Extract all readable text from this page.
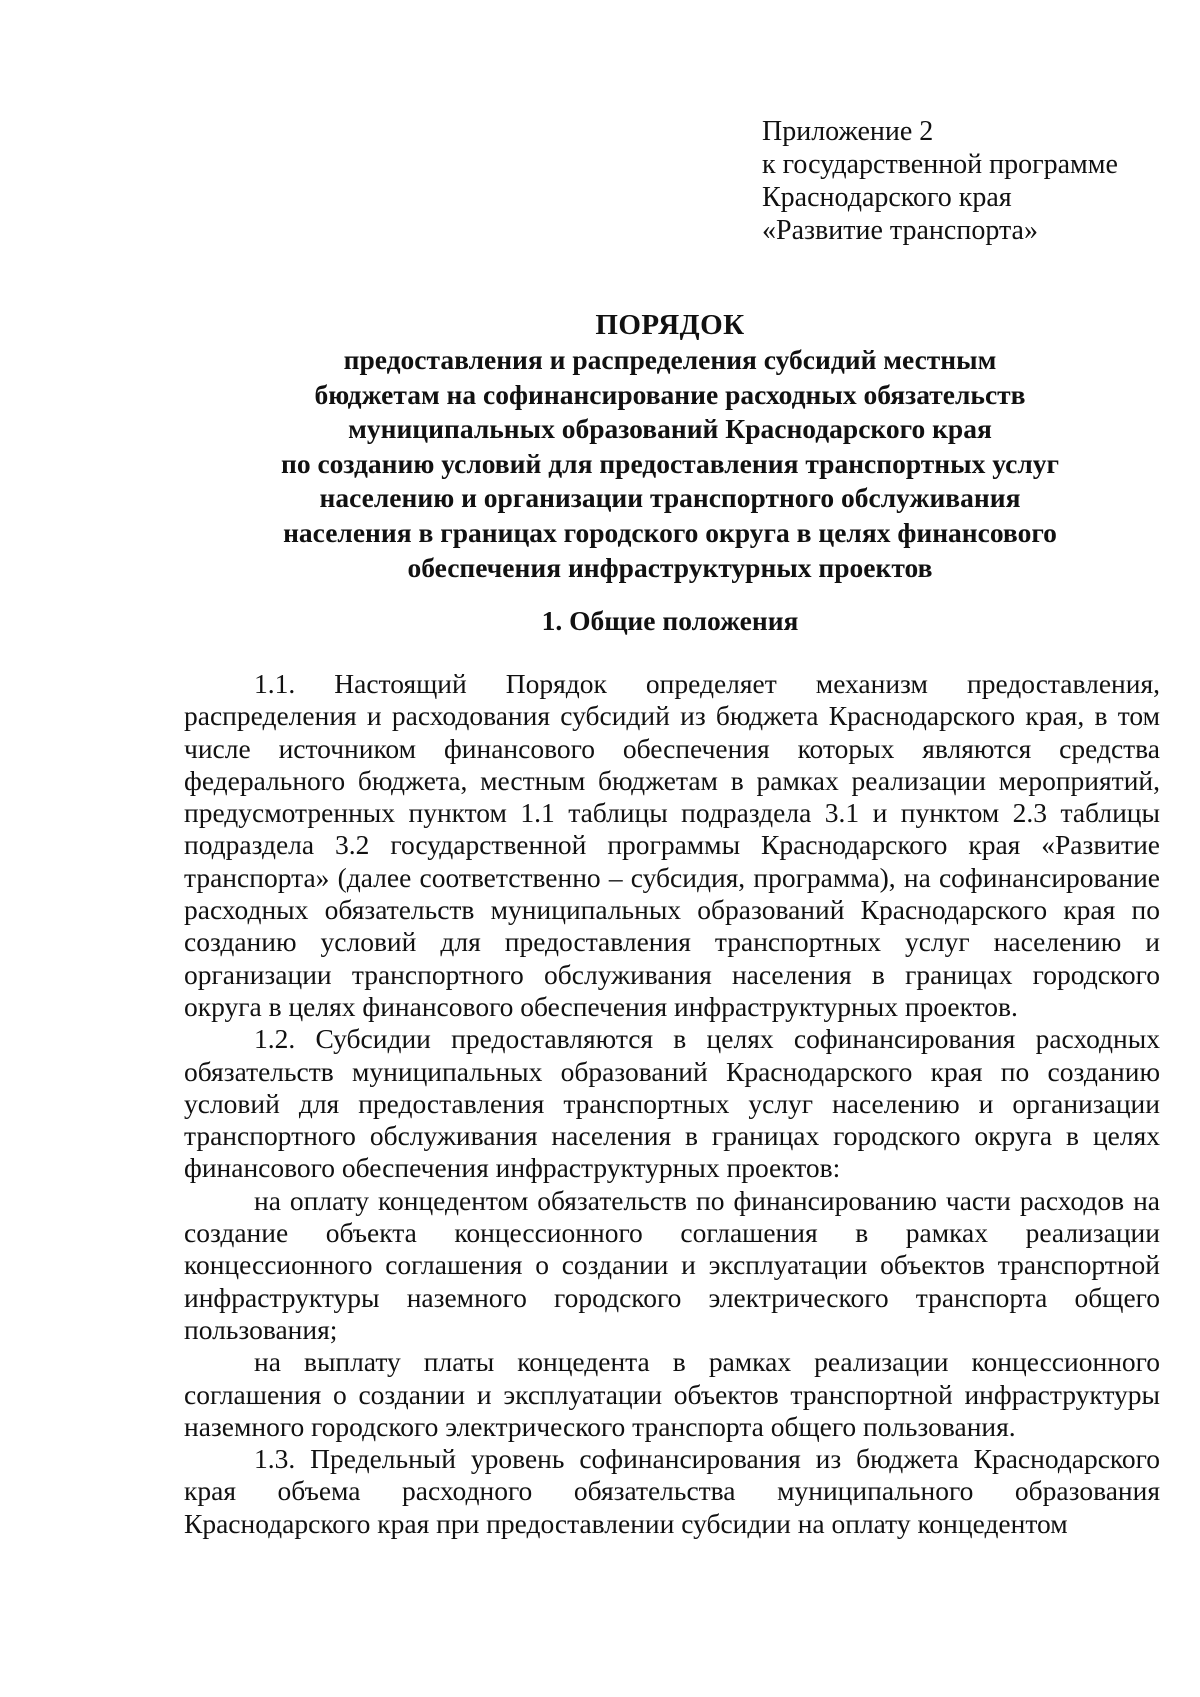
Приложение 2
к государственной программе
Краснодарского края
«Развитие транспорта»
ПОРЯДОК
предоставления и распределения субсидий местным
бюджетам на софинансирование расходных обязательств
муниципальных образований Краснодарского края
по созданию условий для предоставления транспортных услуг
населению и организации транспортного обслуживания
населения в границах городского округа в целях финансового
обеспечения инфраструктурных проектов
1. Общие положения

1.1. Настоящий Порядок определяет механизм предоставления, распределения и расходования субсидий из бюджета Краснодарского края, в том числе источником финансового обеспечения которых являются средства федерального бюджета, местным бюджетам в рамках реализации мероприятий, предусмотренных пунктом 1.1 таблицы подраздела 3.1 и пунктом 2.3 таблицы подраздела 3.2 государственной программы Краснодарского края «Развитие транспорта» (далее соответственно – субсидия, программа), на софинансирование расходных обязательств муниципальных образований Краснодарского края по созданию условий для предоставления транспортных услуг населению и организации транспортного обслуживания населения в границах городского округа в целях финансового обеспечения инфраструктурных проектов.

1.2. Субсидии предоставляются в целях софинансирования расходных обязательств муниципальных образований Краснодарского края по созданию условий для предоставления транспортных услуг населению и организации транспортного обслуживания населения в границах городского округа в целях финансового обеспечения инфраструктурных проектов:

на оплату концедентом обязательств по финансированию части расходов на создание объекта концессионного соглашения в рамках реализации концессионного соглашения о создании и эксплуатации объектов транспортной инфраструктуры наземного городского электрического транспорта общего пользования;

на выплату платы концедента в рамках реализации концессионного соглашения о создании и эксплуатации объектов транспортной инфраструктуры наземного городского электрического транспорта общего пользования.

1.3. Предельный уровень софинансирования из бюджета Краснодарского края объема расходного обязательства муниципального образования Краснодарского края при предоставлении субсидии на оплату концедентом
